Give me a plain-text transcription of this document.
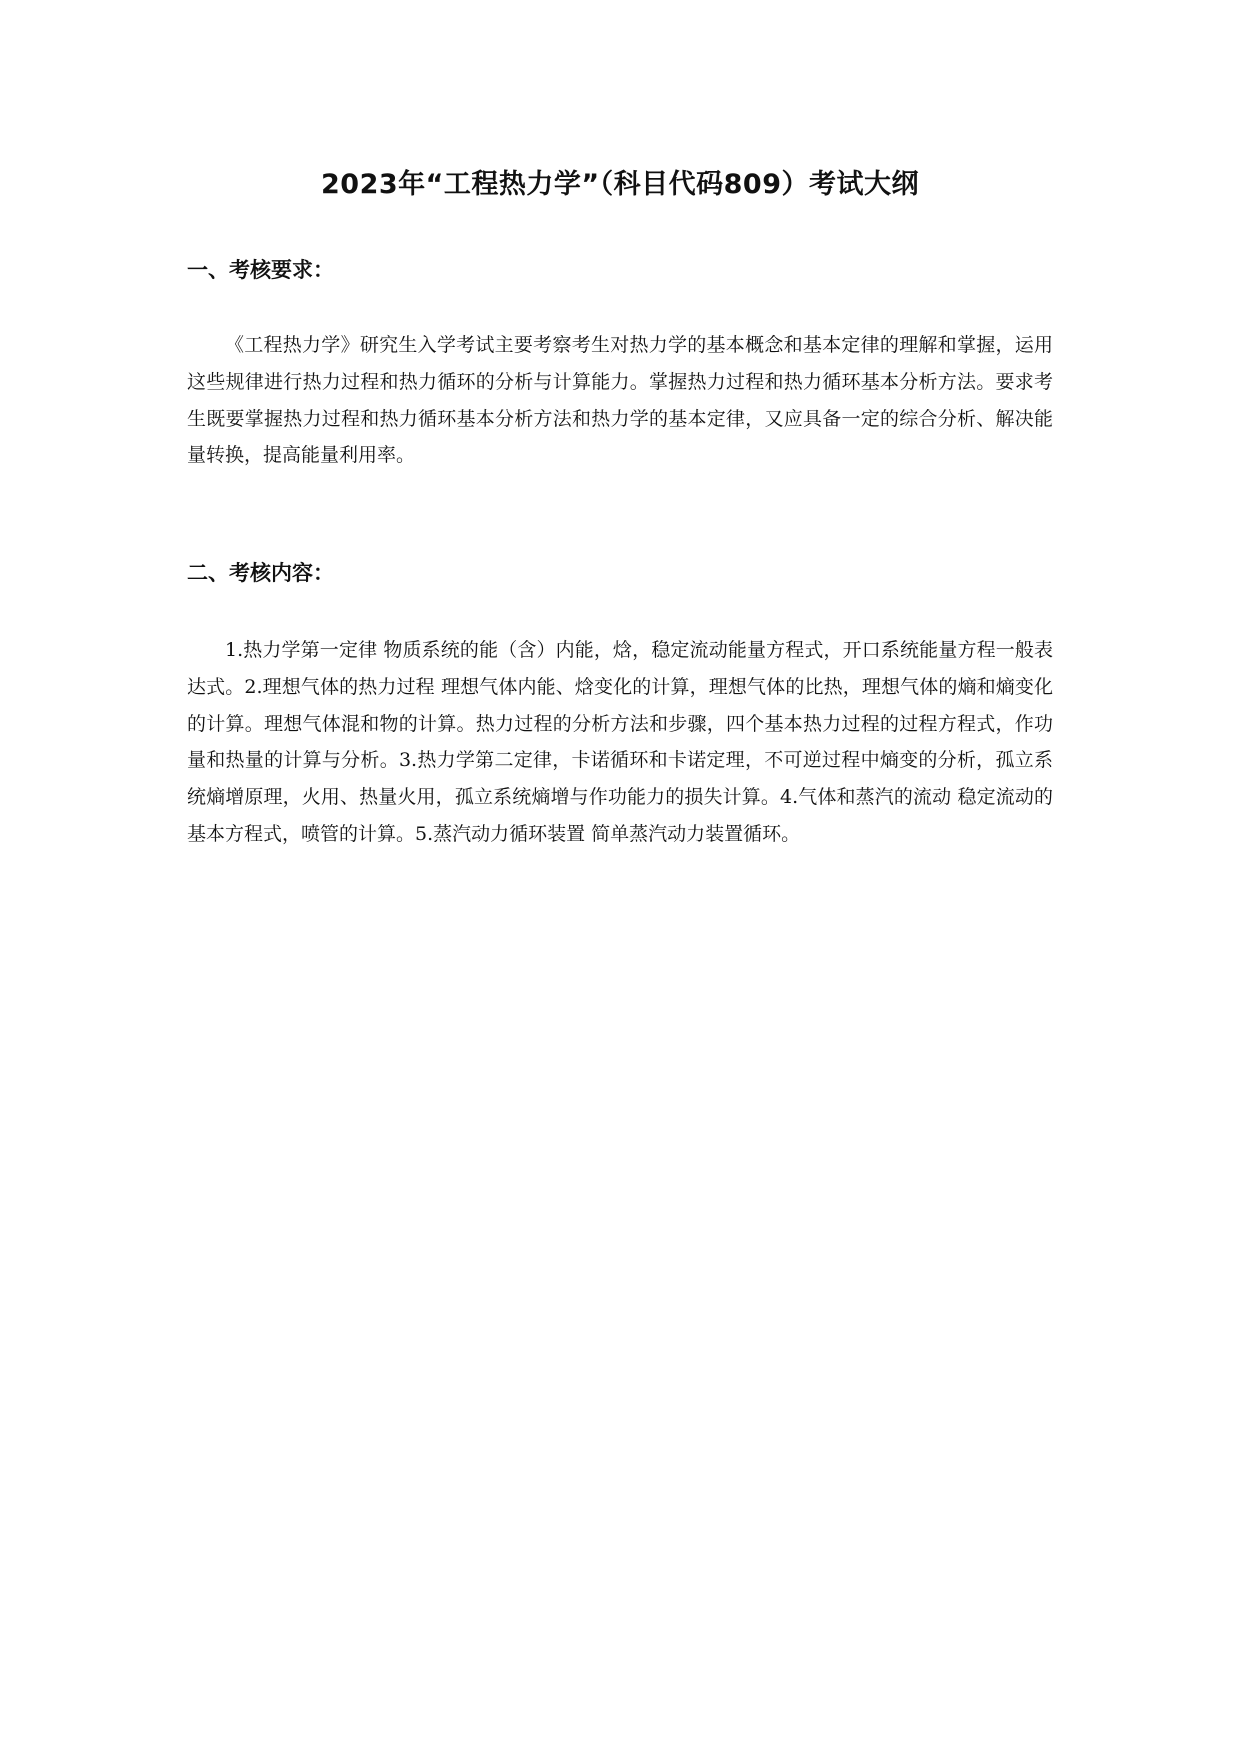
2023年“工程热力学”（科目代码809）考试大纲
一、考核要求：
《工程热力学》研究生入学考试主要考察考生对热力学的基本概念和基本定律的理解和掌握，运用这些规律进行热力过程和热力循环的分析与计算能力。掌握热力过程和热力循环基本分析方法。要求考生既要掌握热力过程和热力循环基本分析方法和热力学的基本定律，又应具备一定的综合分析、解决能量转换，提高能量利用率。
二、考核内容：
1.热力学第一定律 物质系统的能（含）内能，焓，稳定流动能量方程式，开口系统能量方程一般表达式。2.理想气体的热力过程 理想气体内能、焓变化的计算，理想气体的比热，理想气体的熵和熵变化的计算。理想气体混和物的计算。热力过程的分析方法和步骤，四个基本热力过程的过程方程式，作功量和热量的计算与分析。3.热力学第二定律，卡诺循环和卡诺定理，不可逆过程中熵变的分析，孤立系统熵增原理，火用、热量火用，孤立系统熵增与作功能力的损失计算。4.气体和蒸汽的流动 稳定流动的基本方程式，喷管的计算。5.蒸汽动力循环装置 简单蒸汽动力装置循环。
